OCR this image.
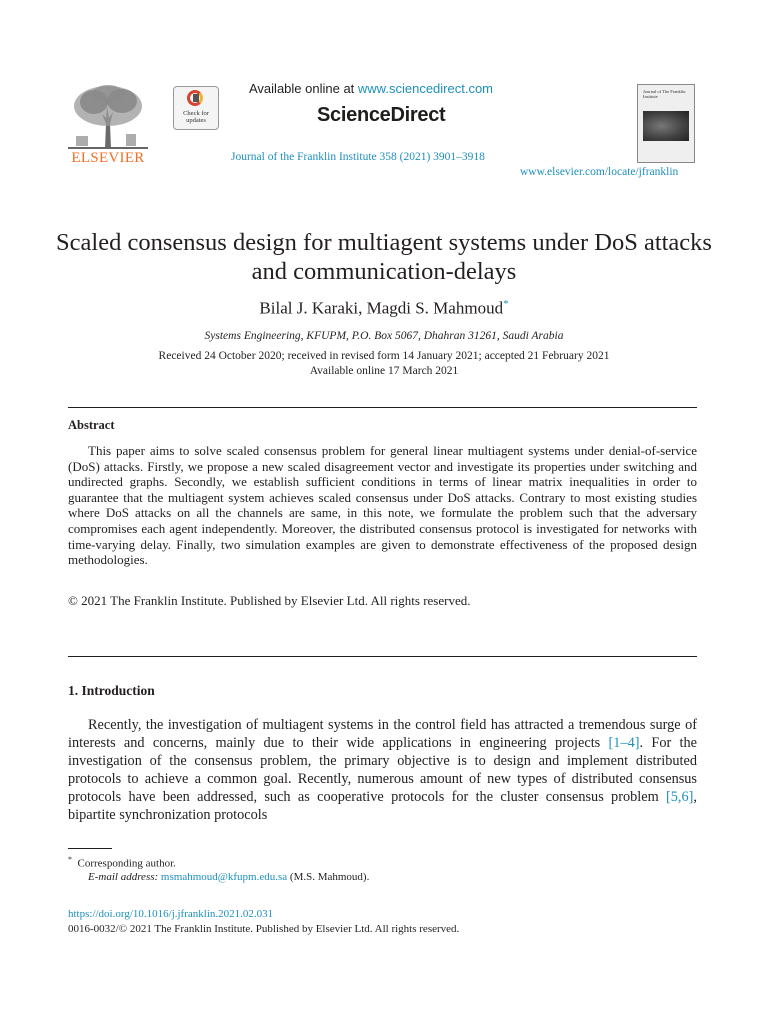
ELSEVIER
Check for updates
Available online at www.sciencedirect.com
ScienceDirect
Journal of the Franklin Institute 358 (2021) 3901–3918
www.elsevier.com/locate/jfranklin
Journal of The Franklin Institute
Scaled consensus design for multiagent systems under DoS attacks and communication-delays
Bilal J. Karaki, Magdi S. Mahmoud*
Systems Engineering, KFUPM, P.O. Box 5067, Dhahran 31261, Saudi Arabia
Received 24 October 2020; received in revised form 14 January 2021; accepted 21 February 2021
Available online 17 March 2021
Abstract

This paper aims to solve scaled consensus problem for general linear multiagent systems under denial-of-service (DoS) attacks. Firstly, we propose a new scaled disagreement vector and investigate its properties under switching and undirected graphs. Secondly, we establish sufficient conditions in terms of linear matrix inequalities in order to guarantee that the multiagent system achieves scaled consensus under DoS attacks. Contrary to most existing studies where DoS attacks on all the channels are same, in this note, we formulate the problem such that the adversary compromises each agent independently. Moreover, the distributed consensus protocol is investigated for networks with time-varying delay. Finally, two simulation examples are given to demonstrate effectiveness of the proposed design methodologies.

© 2021 The Franklin Institute. Published by Elsevier Ltd. All rights reserved.
1. Introduction

Recently, the investigation of multiagent systems in the control field has attracted a tremendous surge of interests and concerns, mainly due to their wide applications in engineering projects [1–4]. For the investigation of the consensus problem, the primary objective is to design and implement distributed protocols to achieve a common goal. Recently, numerous amount of new types of distributed consensus protocols have been addressed, such as cooperative protocols for the cluster consensus problem [5,6], bipartite synchronization protocols

* Corresponding author.
E-mail address: msmahmoud@kfupm.edu.sa (M.S. Mahmoud).
https://doi.org/10.1016/j.jfranklin.2021.02.031
0016-0032/© 2021 The Franklin Institute. Published by Elsevier Ltd. All rights reserved.
